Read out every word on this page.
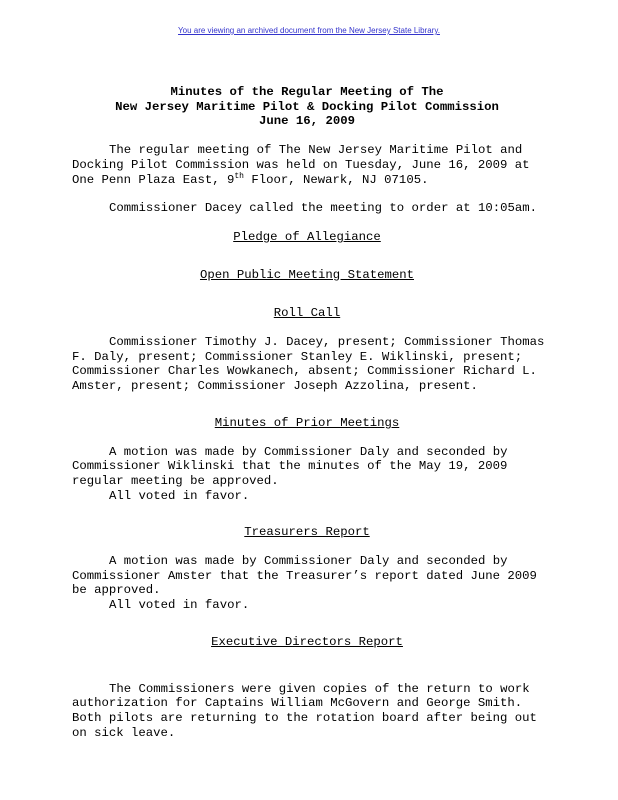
You are viewing an archived document from the New Jersey State Library.
Minutes of the Regular Meeting of The
New Jersey Maritime Pilot & Docking Pilot Commission
June 16, 2009
The regular meeting of The New Jersey Maritime Pilot and
Docking Pilot Commission was held on Tuesday, June 16, 2009 at
One Penn Plaza East, 9th Floor, Newark, NJ 07105.
Commissioner Dacey called the meeting to order at 10:05am.
Pledge of Allegiance
Open Public Meeting Statement
Roll Call
Commissioner Timothy J. Dacey, present; Commissioner Thomas
F. Daly, present; Commissioner Stanley E. Wiklinski, present;
Commissioner Charles Wowkanech, absent; Commissioner Richard L.
Amster, present; Commissioner Joseph Azzolina, present.
Minutes of Prior Meetings
A motion was made by Commissioner Daly and seconded by
Commissioner Wiklinski that the minutes of the May 19, 2009
regular meeting be approved.
All voted in favor.
Treasurers Report
A motion was made by Commissioner Daly and seconded by
Commissioner Amster that the Treasurer’s report dated June 2009
be approved.
All voted in favor.
Executive Directors Report
The Commissioners were given copies of the return to work
authorization for Captains William McGovern and George Smith.
Both pilots are returning to the rotation board after being out
on sick leave.
